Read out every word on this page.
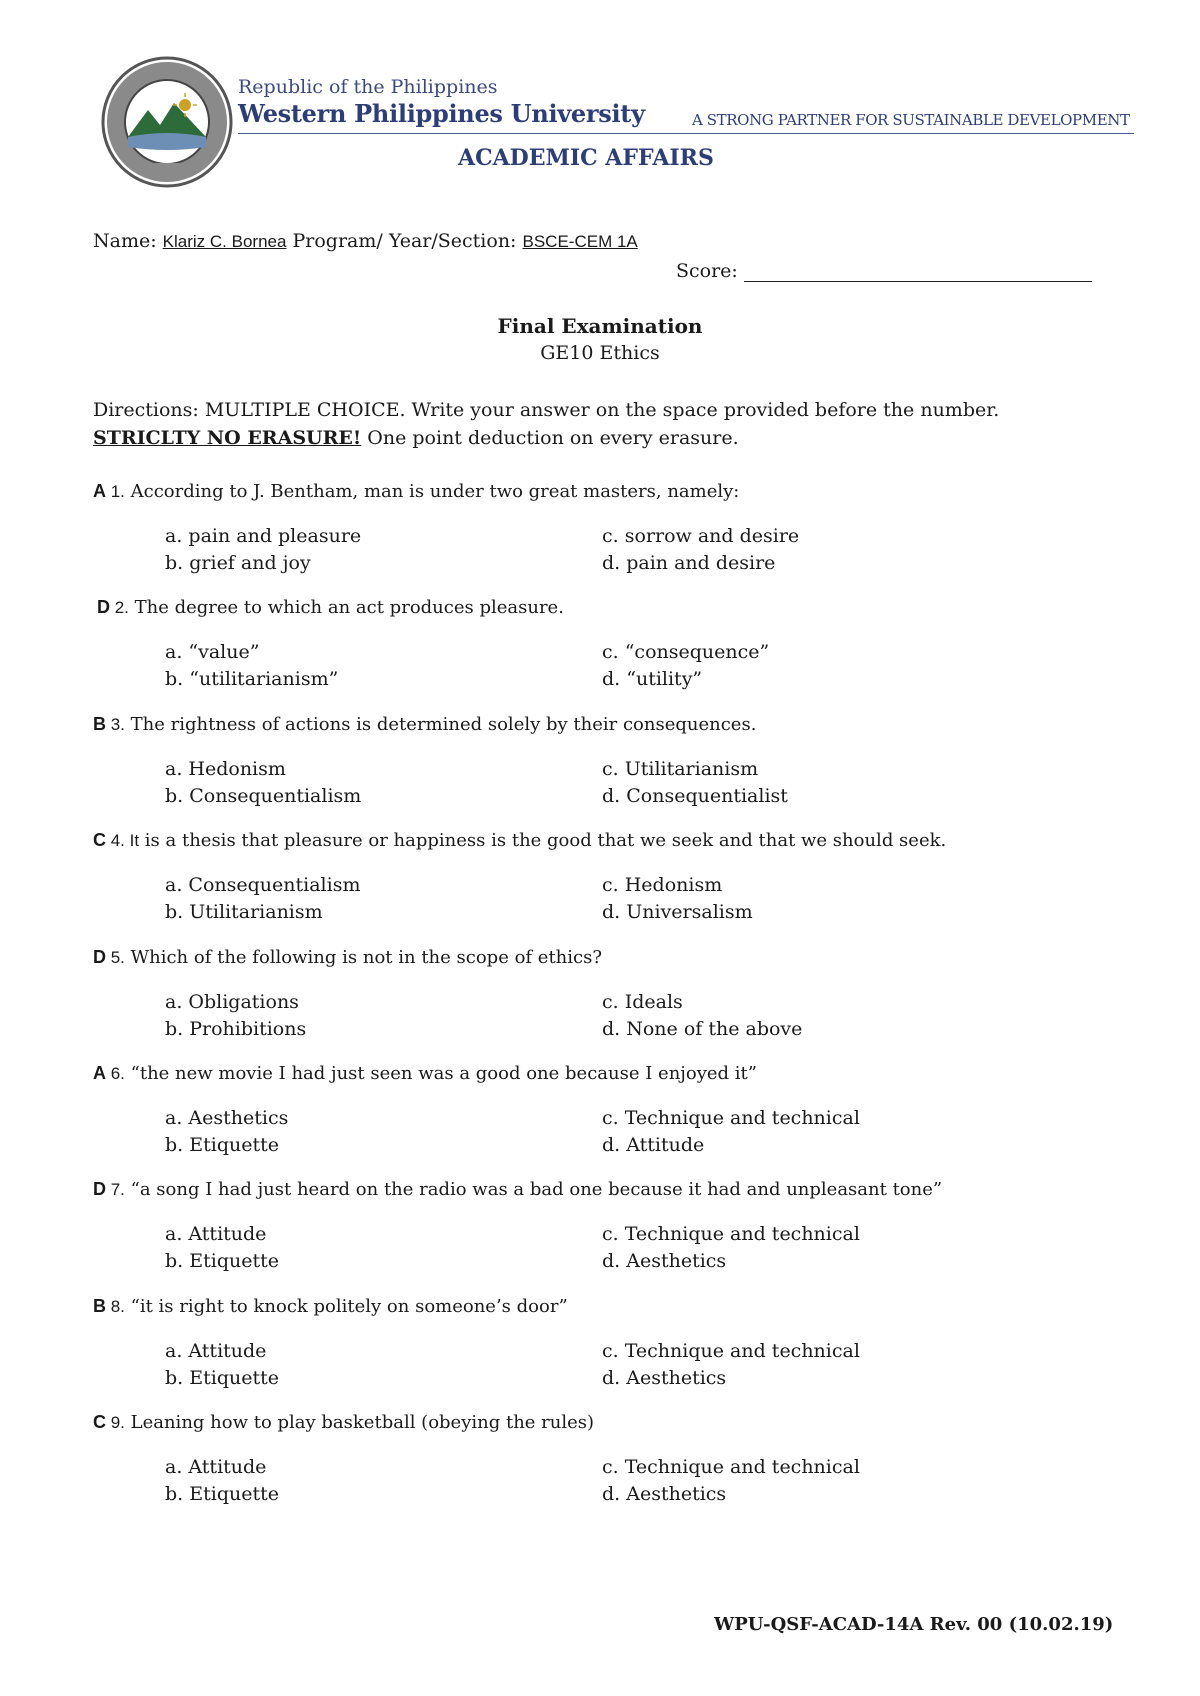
Republic of the Philippines
Western Philippines University	A STRONG PARTNER FOR SUSTAINABLE DEVELOPMENT
ACADEMIC AFFAIRS
Name: Klariz C. Bornea Program/ Year/Section: BSCE-CEM 1A
Score:
Final Examination
GE10 Ethics
Directions: MULTIPLE CHOICE. Write your answer on the space provided before the number.
STRICLTY NO ERASURE! One point deduction on every erasure.
A 1. According to J. Bentham, man is under two great masters, namely:
a. pain and pleasure
b. grief and joy
c. sorrow and desire
d. pain and desire
D 2. The degree to which an act produces pleasure.
a. “value”
b. “utilitarianism”
c. “consequence”
d. “utility”
B 3. The rightness of actions is determined solely by their consequences.
a. Hedonism
b. Consequentialism
c. Utilitarianism
d. Consequentialist
C 4. It is a thesis that pleasure or happiness is the good that we seek and that we should seek.
a. Consequentialism
b. Utilitarianism
c. Hedonism
d. Universalism
D 5. Which of the following is not in the scope of ethics?
a. Obligations
b. Prohibitions
c. Ideals
d. None of the above
A 6. “the new movie I had just seen was a good one because I enjoyed it”
a. Aesthetics
b. Etiquette
c. Technique and technical
d. Attitude
D 7. “a song I had just heard on the radio was a bad one because it had and unpleasant tone”
a. Attitude
b. Etiquette
c. Technique and technical
d. Aesthetics
B 8. “it is right to knock politely on someone’s door”
a. Attitude
b. Etiquette
c. Technique and technical
d. Aesthetics
C 9. Leaning how to play basketball (obeying the rules)
a. Attitude
b. Etiquette
c. Technique and technical
d. Aesthetics
WPU-QSF-ACAD-14A Rev. 00 (10.02.19)
